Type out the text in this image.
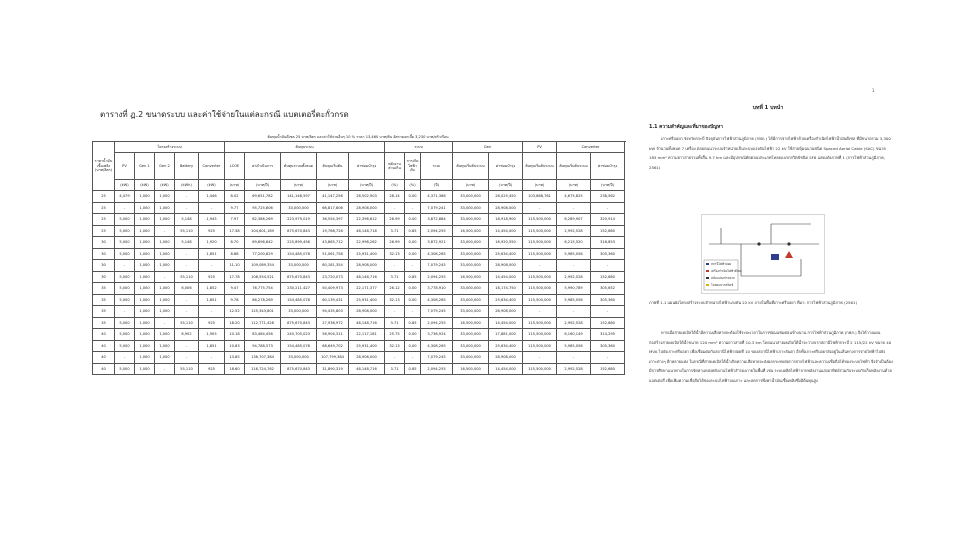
ตารางที่ ฏ.2 ขนาดระบบ และค่าใช้จ่ายในแต่ละกรณี แบตเตอรี่ตะกั่วกรด
ต้นทุนน้ำมันดีเซล 25 บาท/ลิตร และค่าใช้จ่ายอื่นๆ 10 % ราคา 13,460 บาท/ตัน อัตราดอกเบี้ย 3,230 บาท/ครัวเรือน
ราคาน้ำมันเชื้อเพลิง (บาท/ลิตร)	โครงสร้างระบบ					ต้นทุนระบบ					ระบบ			Gen		PV	Converter	
	PV	Gen 1	Gen 2	Battery	Converter	LCOE	ค่าดำเนินการ	ต้นทุนระบบทั้งหมด	ต้นทุนเริ่มต้น	ค่าซ่อมบำรุง	พลังงานส่วนเกิน	การเกิดไฟฟ้าดับ	ระยะ	ต้นทุนเริ่มต้นระบบ	ค่าซ่อมบำรุง	ต้นทุนเริ่มต้นระบบ	ต้นทุนเริ่มต้นระบบ	ค่าซ่อมบำรุง
	(kW)	(kW)	(kW)	(kWh)	(kW)	(บาท)	(บาท/ปี)	(บาท)	(บาท)	(บาท/ปี)	(%)	(%)	(ปี)	(บาท)	(บาท/ปี)	(บาท)	(บาท)	(บาท/ปี)
25	4,479	1,000	1,000	-	1,446	8.02	69,651,782	141,146,597	41,147,256	26,502,903	28.14	0.00	4,371,386	33,000,000	26,025,450	103,868,761	4,675,825	238,562
25	-	1,000	1,000	-	-	9.77	95,725,806	33,000,000	66,817,806	28,908,000	-	-	7,079,241	33,000,000	28,908,000	-	-	-
25	5,000	1,000	1,000	5,148	1,945	7.97	62,386,269	223,979,019	36,554,397	22,396,612	26.99	0.00	3,872,884	33,000,000	18,918,900	115,500,000	6,289,907	320,914
25	5,000	1,000	-	55,110	925	17.38	104,601,189	875,670,843	19,766,726	48,148,716	3.71	0.85	2,094,255	16,500,000	14,454,000	115,500,000	2,992,528	152,680
30	5,000	1,000	1,000	5,148	1,920	8.70	69,896,842	225,899,456	43,865,712	22,998,262	26.99	0.00	3,872,921	33,000,000	18,920,550	115,500,000	6,215,520	316,853
30	5,000	1,000	1,000	-	1,851	8.88	77,200,629	154,485,078	51,061,758	25,931,400	32.13	0.00	4,308,265	33,000,000	25,634,400	115,500,000	5,985,056	305,360
30	-	1,000	1,000	-	-	11.10	109,089,354	33,000,000	80,181,354	28,908,000	-	-	7,079,245	33,000,000	28,908,000	-	-	-
30	5,000	1,000	-	55,110	925	17.78	108,554,521	875,670,843	23,720,073	48,148,716	3.71	0.85	2,094,255	16,500,000	14,454,000	115,500,000	2,992,528	152,680
35	5,000	1,000	1,000	6,006	1,852	9.47	76,775,754	230,211,427	50,409,973	22,171,377	26.12	0.00	3,778,910	33,000,000	18,174,750	115,500,000	5,990,789	305,652
35	5,000	1,000	1,000	-	1,851	9.78	86,278,269	154,485,078	60,139,431	25,931,400	32.13	0.00	4,308,265	33,000,000	25,634,400	115,500,000	5,985,056	305,360
35	-	1,000	1,000	-	-	12.52	125,343,801	33,000,000	94,435,803	28,908,000	-	-	7,079,245	33,000,000	28,908,000	-	-	-
35	5,000	1,000	-	55,110	925	18.20	112,771,428	875,670,843	27,936,972	48,148,716	3.71	0.85	2,094,255	16,500,000	14,454,000	115,500,000	2,992,528	152,680
40	5,000	1,000	1,000	6,902	1,905	10.18	83,484,456	240,705,023	56,904,311	22,117,181	25.75	0.00	3,736,924	33,000,000	17,881,000	115,500,000	6,160,149	314,295
40	5,000	1,000	1,000	-	1,851	10.63	94,788,573	154,485,078	68,649,702	25,931,400	32.13	0.00	4,308,265	33,000,000	25,634,400	115,500,000	5,985,056	305,360
40	-	1,000	1,000	-	-	13.85	136,707,384	33,000,000	107,799,384	28,908,000	-	-	7,079,245	33,000,000	28,908,000	-	-	-
40	5,000	1,000	-	55,110	925	18.60	116,724,762	875,670,843	31,890,319	48,148,716	3.71	0.85	2,094,255	16,500,000	14,454,000	115,500,000	2,992,528	152,680
1
บทที่ 1 บทนำ
1.1 ความสำคัญและที่มาของปัญหา
เกาะศรีบอยา จังหวัดกระบี่ ปัจจุบันการไฟฟ้าส่วนภูมิภาค (กฟภ.) ได้มีการจ่ายไฟฟ้าด้วยเครื่องกำเนิดไฟฟ้าน้ำมันดีเซล ที่มีขนาดรวม 3,300 kW จำนวนทั้งหมด 7 เครื่อง ตลอดแนวระบบจำหน่ายเป็นระบบแรงดันไฟฟ้า 22 kV ใช้สายหุ้มฉนวนชนิด Spaced Aerial Cable (SAC) ขนาด 185 mm² ความยาวสายรวมทั้งสิ้น 9.7 km และมีอุปกรณ์ตัดตอนประเภทโหลดแบรกสวิตช์ชนิด SF6 แสดงดังภาพที่ 1 (การไฟฟ้าส่วนภูมิภาค, 2561)
สถานีไฟฟ้าย่อย
เครื่องกำเนิดไฟฟ้าดีเซล
หม้อแปลงจำหน่าย
โหลดแบรกสวิตช์
ภาพที่ 1.1 แผนผังโครงสร้างระบบจำหน่ายไฟฟ้าแรงดัน 22 kV ภายในพื้นที่เกาะศรีบอยา ที่มา: การไฟฟ้าส่วนภูมิภาค (2561)
หากเมื่อสายเคเบิลใต้น้ำมีความเสียหายจะต้องใช้ระยะเวลาในการซ่อมแซมค่อนข้างนาน การไฟฟ้าส่วนภูมิภาค (กฟภ.) จึงได้วางแผนก่อสร้างสายเคเบิลใต้น้ำขนาด 120 mm² ความยาวสายที่ 10.3 km โดยแนวสายเคเบิลใต้น้ำจะวางจากสถานีไฟฟ้ากระบี่ 2 115/22 kV ขนาด 40 MVA ไปยังเกาะศรีบอยา เพื่อเชื่อมต่อกับสถานีไฟฟ้าย่อยที่ 10 ของสถานีไฟฟ้าเกาะลันตา อีกทั้งเกาะศรีบอยายังอยู่ในเส้นทางการจ่ายไฟฟ้าไปยังเกาะต่างๆ อีกหลายแห่ง ในกรณีที่สายเคเบิลใต้น้ำเกิดความเสียหายจะส่งผลกระทบต่อการจ่ายไฟฟ้าและความเชื่อถือได้ของระบบไฟฟ้า จึงจำเป็นต้องมีการศึกษาแนวทางในการจัดหาแหล่งพลังงานไฟฟ้าสำรองภายในพื้นที่ เช่น ระบบผลิตไฟฟ้าจากพลังงานแสงอาทิตย์ร่วมกับระบบกักเก็บพลังงานด้วยแบตเตอรี่ เพื่อเพิ่มความเชื่อถือได้ของระบบไฟฟ้าบนเกาะ และลดการพึ่งพาน้ำมันเชื้อเพลิงซึ่งมีต้นทุนสูง
